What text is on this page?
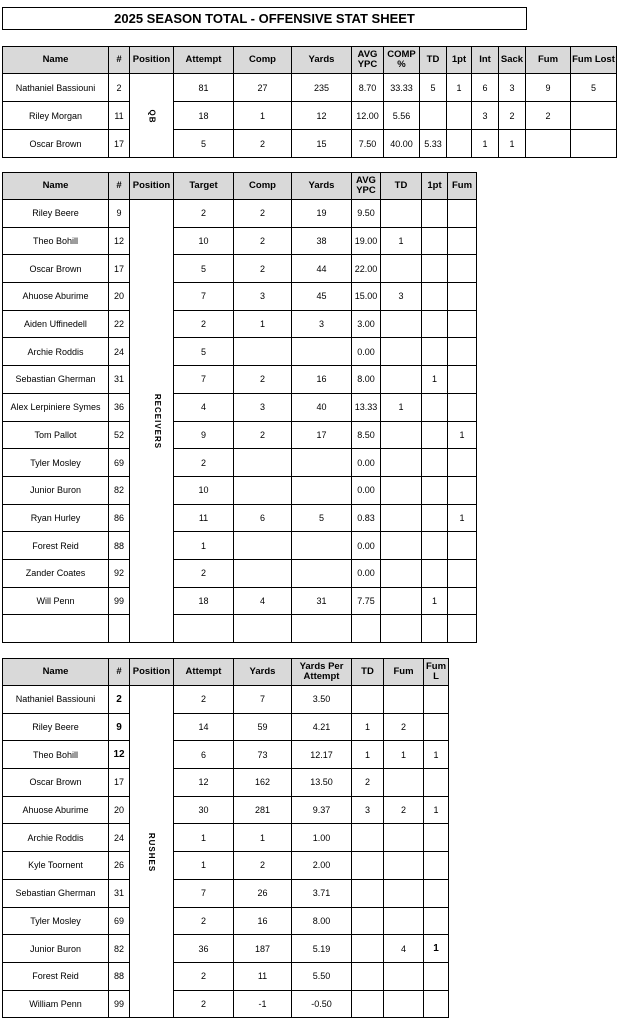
2025 SEASON TOTAL - OFFENSIVE STAT SHEET
Name	#	Position	Attempt	Comp	Yards	AVG YPC	COMP %	TD	1pt	Int	Sack	Fum	Fum Lost
Nathaniel Bassiouni	2	QB	81	27	235	8.70	33.33	5	1	6	3	9	5
Riley Morgan	11		18	1	12	12.00	5.56			3	2	2	
Oscar Brown	17		5	2	15	7.50	40.00	5.33		1	1		
Name	#	Position	Target	Comp	Yards	AVG YPC	TD	1pt	Fum
Riley Beere	9	RECEIVERS	2	2	19	9.50			
Theo Bohill	12		10	2	38	19.00	1		
Oscar Brown	17		5	2	44	22.00			
Ahuose Aburime	20		7	3	45	15.00	3		
Aiden Uffinedell	22		2	1	3	3.00			
Archie Roddis	24		5			0.00			
Sebastian Gherman	31		7	2	16	8.00		1	
Alex Lerpiniere Symes	36		4	3	40	13.33	1		
Tom Pallot	52		9	2	17	8.50			1
Tyler Mosley	69		2			0.00			
Junior Buron	82		10			0.00			
Ryan Hurley	86		11	6	5	0.83			1
Forest Reid	88		1			0.00			
Zander Coates	92		2			0.00			
Will Penn	99		18	4	31	7.75		1	

Name	#	Position	Attempt	Yards	Yards Per Attempt	TD	Fum	Fum L
Nathaniel Bassiouni	2	RUSHES	2	7	3.50			
Riley Beere	9		14	59	4.21	1	2	
Theo Bohill	12		6	73	12.17	1	1	1
Oscar Brown	17		12	162	13.50	2		
Ahuose Aburime	20		30	281	9.37	3	2	1
Archie Roddis	24		1	1	1.00			
Kyle Toornent	26		1	2	2.00			
Sebastian Gherman	31		7	26	3.71			
Tyler Mosley	69		2	16	8.00			
Junior Buron	82		36	187	5.19		4	1
Forest Reid	88		2	11	5.50			
William Penn	99		2	-1	-0.50			
